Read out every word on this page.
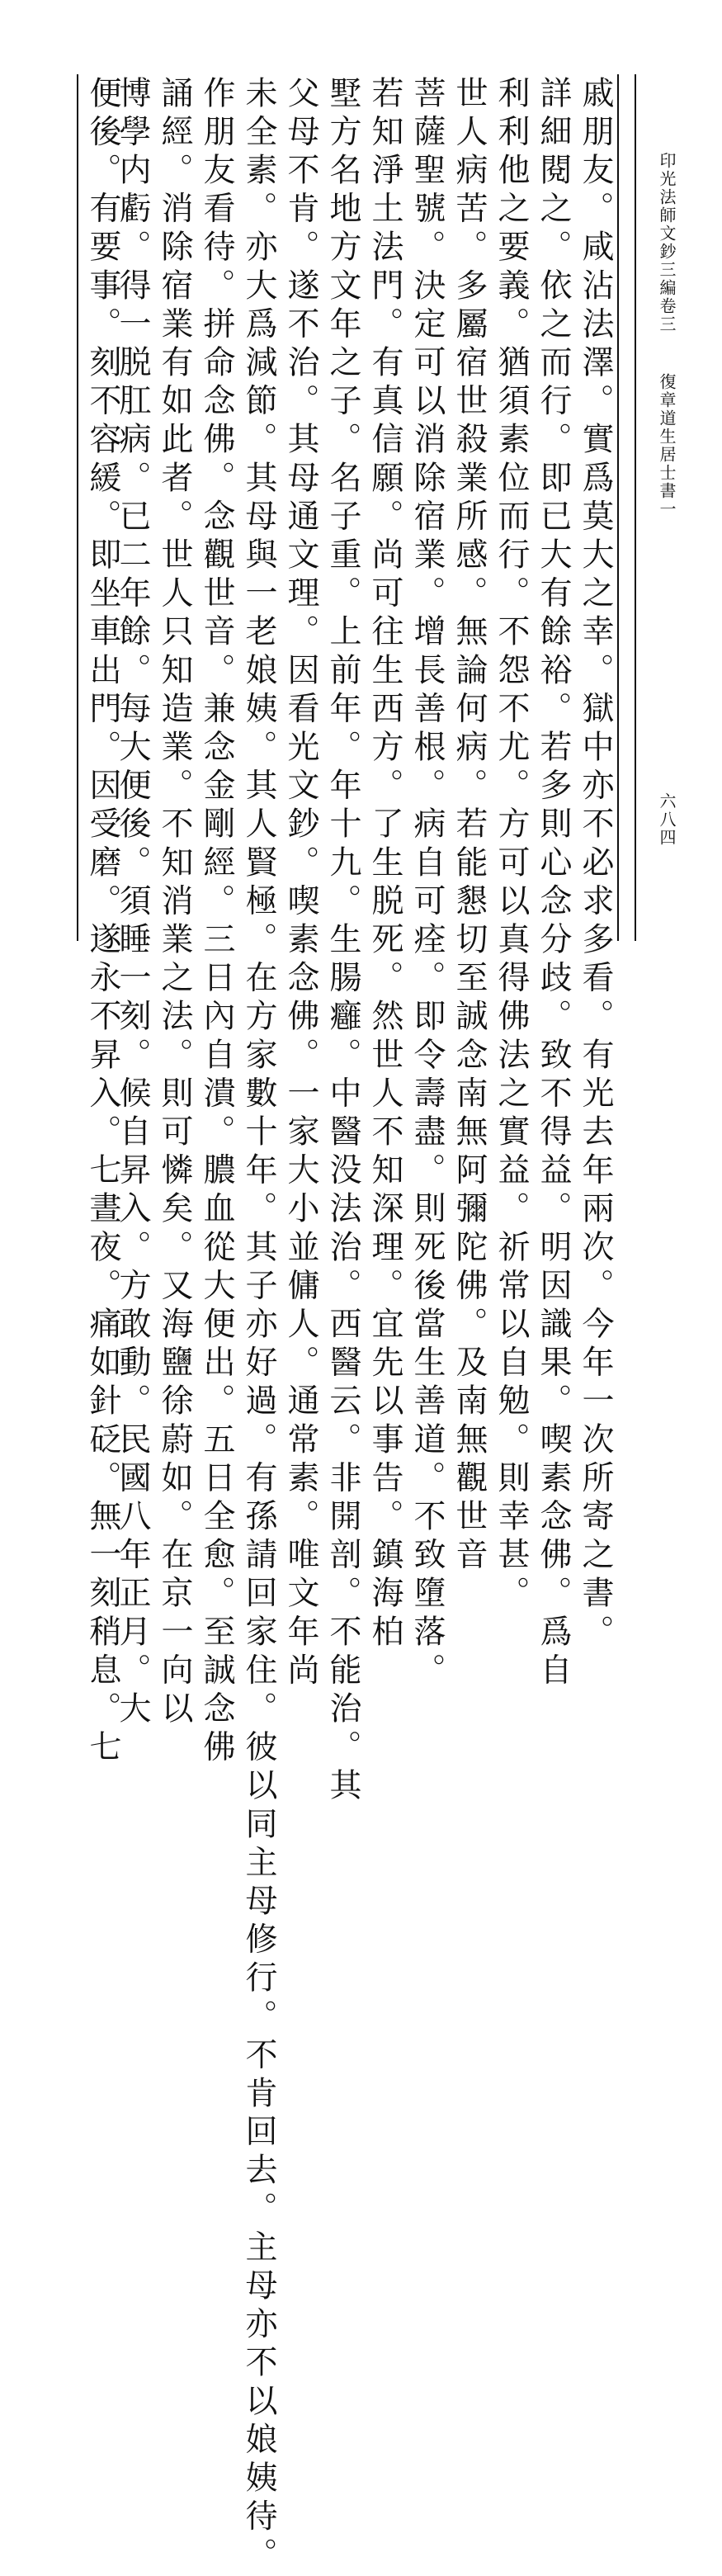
印光法師文鈔三編卷三
復章道生居士書一
六八四
戚朋友。咸沾法澤。實爲莫大之幸。獄中亦不必求多看。有光去年兩次。今年一次所寄之書。
詳細閱之。依之而行。即已大有餘裕。若多則心念分歧。致不得益。明因識果。喫素念佛。爲自
利利他之要義。猶須素位而行。不怨不尤。方可以真得佛法之實益。祈常以自勉。則幸甚。
世人病苦。多屬宿世殺業所感。無論何病。若能懇切至誠念南無阿彌陀佛。及南無觀世音
菩薩聖號。決定可以消除宿業。增長善根。病自可痊。即令壽盡。則死後當生善道。不致墮落。
若知淨土法門。有真信願。尚可往生西方。了生脱死。然世人不知深理。宜先以事告。鎮海柏
墅方名地方文年之子。名子重。上前年。年十九。生腸癰。中醫没法治。西醫云。非開剖。不能治。其
父母不肯。遂不治。其母通文理。因看光文鈔。喫素念佛。一家大小並傭人。通常素。唯文年尚
未全素。亦大爲減節。其母與一老娘姨。其人賢極。在方家數十年。其子亦好過。有孫請回家住。彼以同主母修行。不肯回去。主母亦不以娘姨待。
作朋友看待。拼命念佛。念觀世音。兼念金剛經。三日內自潰。膿血從大便出。五日全愈。至誠念佛
誦經。消除宿業有如此者。世人只知造業。不知消業之法。則可憐矣。又海鹽徐蔚如。在京一向以
博學内虧。得一脱肛病。已二年餘。每大便後。須睡一刻。候自昇入。方敢動。民國八年正月。大
便後。有要事。刻不容緩。即坐車出門。因受磨。遂永不昇入。七晝夜。痛如針砭。無一刻稍息。七
